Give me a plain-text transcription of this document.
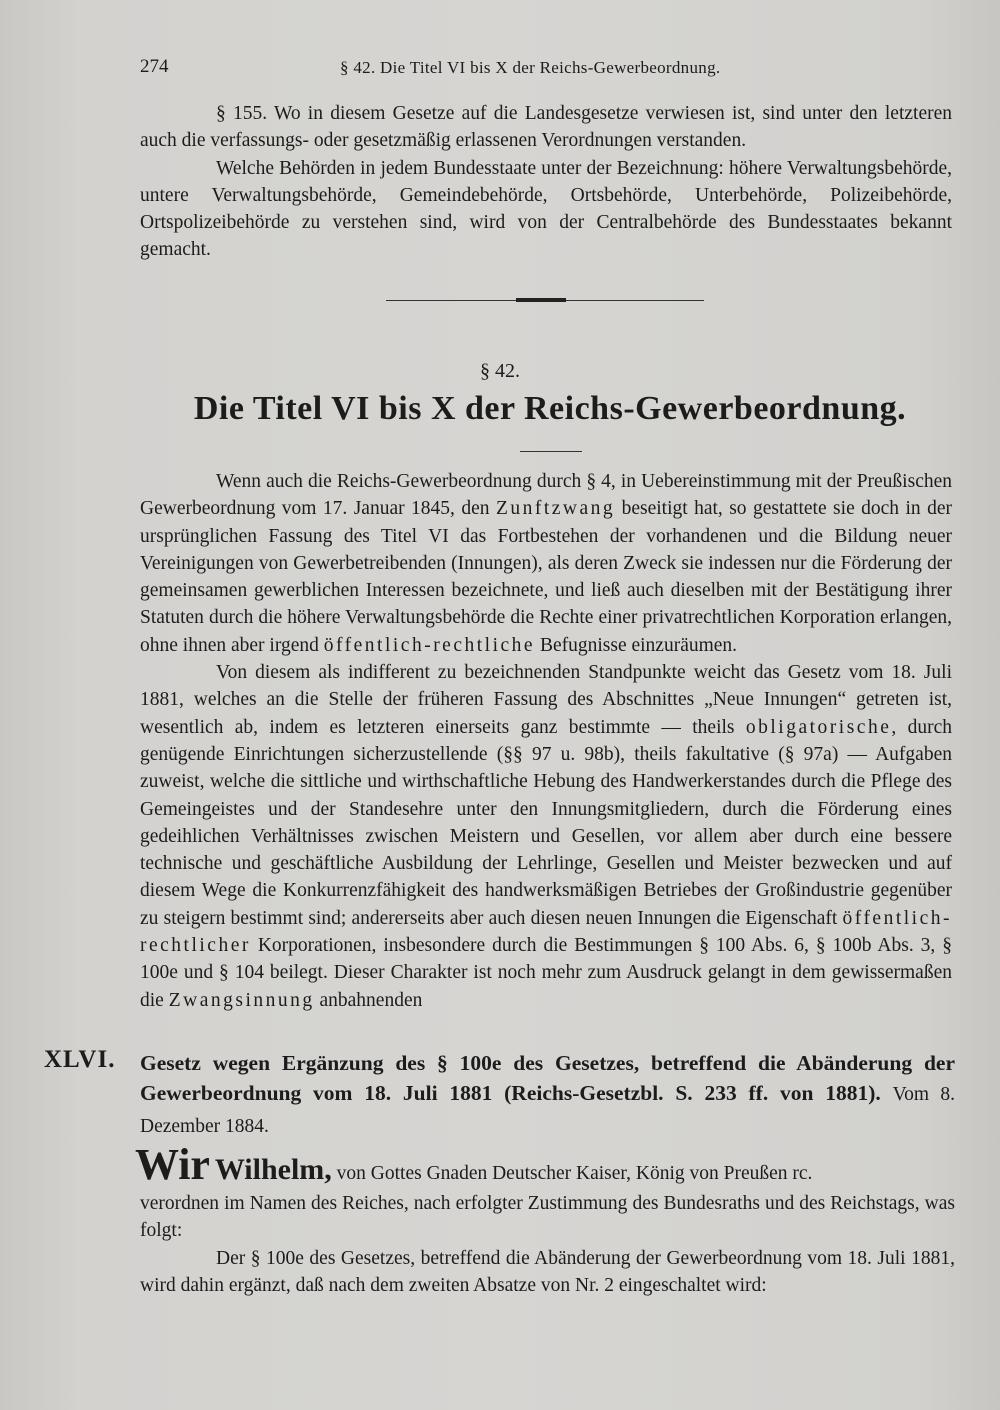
274	§ 42. Die Titel VI bis X der Reichs-Gewerbeordnung.

§ 155. Wo in diesem Gesetze auf die Landesgesetze verwiesen ist, sind unter den letzteren auch die verfassungs- oder gesetzmäßig erlassenen Verordnungen verstanden.

Welche Behörden in jedem Bundesstaate unter der Bezeichnung: höhere Verwaltungsbehörde, untere Verwaltungsbehörde, Gemeindebehörde, Ortsbehörde, Unterbehörde, Polizeibehörde, Ortspolizeibehörde zu verstehen sind, wird von der Centralbehörde des Bundesstaates bekannt gemacht.

§ 42.
Die Titel VI bis X der Reichs-Gewerbeordnung.

Wenn auch die Reichs-Gewerbeordnung durch § 4, in Uebereinstimmung mit der Preußischen Gewerbeordnung vom 17. Januar 1845, den Zunftzwang beseitigt hat, so gestattete sie doch in der ursprünglichen Fassung des Titel VI das Fortbestehen der vorhandenen und die Bildung neuer Vereinigungen von Gewerbetreibenden (Innungen), als deren Zweck sie indessen nur die Förderung der gemeinsamen gewerblichen Interessen bezeichnete, und ließ auch dieselben mit der Bestätigung ihrer Statuten durch die höhere Verwaltungsbehörde die Rechte einer privatrechtlichen Korporation erlangen, ohne ihnen aber irgend öffentlich-rechtliche Befugnisse einzuräumen.

Von diesem als indifferent zu bezeichnenden Standpunkte weicht das Gesetz vom 18. Juli 1881, welches an die Stelle der früheren Fassung des Abschnittes „Neue Innungen“ getreten ist, wesentlich ab, indem es letzteren einerseits ganz bestimmte — theils obligatorische, durch genügende Einrichtungen sicherzustellende (§§ 97 u. 98b), theils fakultative (§ 97a) — Aufgaben zuweist, welche die sittliche und wirthschaftliche Hebung des Handwerkerstandes durch die Pflege des Gemeingeistes und der Standesehre unter den Innungsmitgliedern, durch die Förderung eines gedeihlichen Verhältnisses zwischen Meistern und Gesellen, vor allem aber durch eine bessere technische und geschäftliche Ausbildung der Lehrlinge, Gesellen und Meister bezwecken und auf diesem Wege die Konkurrenzfähigkeit des handwerksmäßigen Betriebes der Großindustrie gegenüber zu steigern bestimmt sind; andererseits aber auch diesen neuen Innungen die Eigenschaft öffentlich-rechtlicher Korporationen, insbesondere durch die Bestimmungen § 100 Abs. 6, § 100b Abs. 3, § 100e und § 104 beilegt. Dieser Charakter ist noch mehr zum Ausdruck gelangt in dem gewissermaßen die Zwangsinnung anbahnenden

XLVI. Gesetz wegen Ergänzung des § 100e des Gesetzes, betreffend die Abänderung der Gewerbeordnung vom 18. Juli 1881 (Reichs-Gesetzbl. S. 233 ff. von 1881). Vom 8. Dezember 1884.
Wir Wilhelm, von Gottes Gnaden Deutscher Kaiser, König von Preußen rc.
verordnen im Namen des Reiches, nach erfolgter Zustimmung des Bundesraths und des Reichstags, was folgt:
Der § 100e des Gesetzes, betreffend die Abänderung der Gewerbeordnung vom 18. Juli 1881, wird dahin ergänzt, daß nach dem zweiten Absatze von Nr. 2 eingeschaltet wird:
